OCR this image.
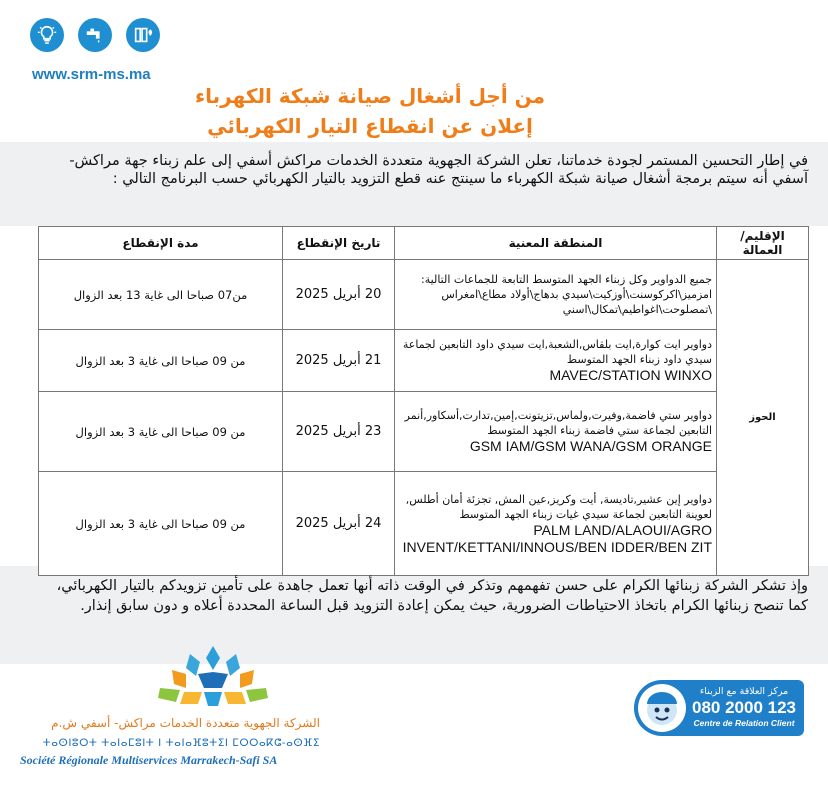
www.srm-ms.ma
من أجل أشغال صيانة شبكة الكهرباء
إعلان عن انقطاع التيار الكهربائي
في إطار التحسين المستمر لجودة خدماتنا، تعلن الشركة الجهوية متعددة الخدمات مراكش أسفي إلى علم زبناء جهة مراكش- آسفي أنه سيتم برمجة أشغال صيانة شبكة الكهرباء ما سينتج عنه قطع التزويد بالتيار الكهربائي حسب البرنامج التالي :
الإقليم/العمالة	المنطقة المعنية	تاريخ الإنقطاع	مدة الإنقطاع
الحوز	جميع الدواوير وكل زبناء الجهد المتوسط التابعة للجماعات التالية: امزميز\اكركوسنت\أوزكيت\سيدي بدهاج\أولاد مطاع\امغراس \تمصلوحت\اغواطيم\تمكال\اسني	20 أبريل 2025	من07 صباحا الى غاية 13 بعد الزوال
	دواوير ايت كوارة,ايت بلقاس,الشعبة,ايت سيدي داود التابعين لجماعة سيدي داود زبناء الجهد المتوسط
MAVEC/STATION WINXO	21 أبريل 2025	من 09 صباحا الى غاية 3 بعد الزوال
	دواوير ستي فاضمة,وفيرت,ولماس,تزيتونت,إمين,تدارت,أسكاور,أنمر التابعين لجماعة ستي فاضمة زبناء الجهد المتوسط
GSM IAM/GSM WANA/GSM ORANGE	23 أبريل 2025	من 09 صباحا الى غاية 3 بعد الزوال
	دواوير إين عشير,تاديسة, أيت وكريز,عين المش, تجزئة أمان أطلس, لعوينة التابعين لجماعة سيدي غيات زبناء الجهد المتوسط
PALM LAND/ALAOUI/AGRO INVENT/KETTANI/INNOUS/BEN IDDER/BEN ZIT	24 أبريل 2025	من 09 صباحا الى غاية 3 بعد الزوال
وإذ تشكر الشركة زبنائها الكرام على حسن تفهمهم وتذكر في الوقت ذاته أنها تعمل جاهدة على تأمين تزويدكم بالتيار الكهربائي، كما تنصح زبنائها الكرام باتخاذ الاحتياطات الضرورية، حيث يمكن إعادة التزويد قبل الساعة المحددة أعلاه و دون سابق إنذار.
الشركة الجهوية متعددة الخدمات مراكش- أسفي ش.م
ⵜⴰⵙⵏⵓⵔⵜ ⵜⴰⵏⴰⵎⵓⵏⵜ ⵏ ⵜⴰⵏⴰⴼⵓⵜⵉⵏ ⵎⵔⵔⴰⴽⵛ-ⴰⵙⴼⵉ
Société Régionale Multiservices Marrakech-Safi SA
مركز العلاقة مع الزبناء
080 2000 123
Centre de Relation Client
